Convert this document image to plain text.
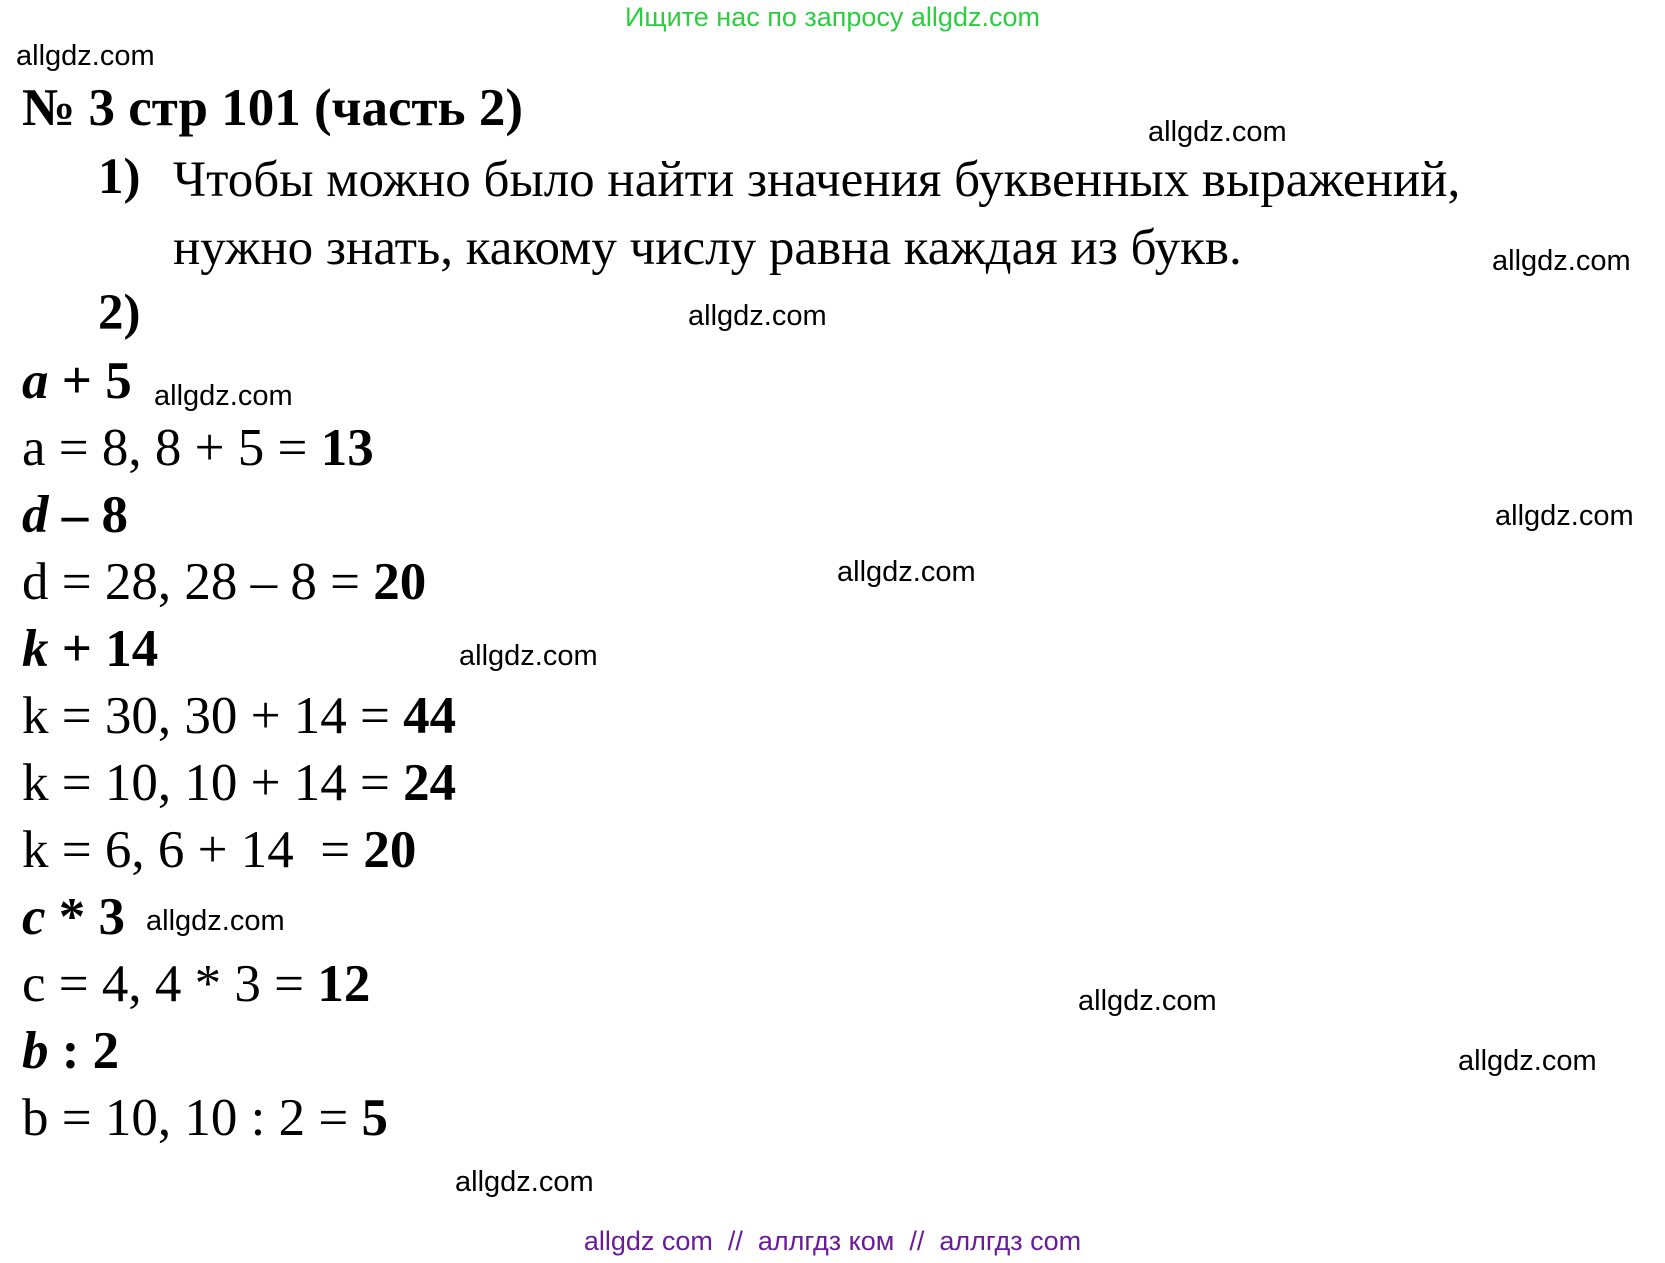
Ищите нас по запросу allgdz.com
allgdz.com
allgdz.com
allgdz.com
allgdz.com
allgdz.com
allgdz.com
allgdz.com
allgdz.com
allgdz.com
allgdz.com
allgdz.com
allgdz.com
№ 3 стр 101 (часть 2)
1) Чтобы можно было найти значения буквенных выражений,
нужно знать, какому числу равна каждая из букв.
2)
a + 5
a = 8, 8 + 5 = 13
d – 8
d = 28, 28 – 8 = 20
k + 14
k = 30, 30 + 14 = 44
k = 10, 10 + 14 = 24
k = 6, 6 + 14  = 20
c * 3
c = 4, 4 * 3 = 12
b : 2
b = 10, 10 : 2 = 5
allgdz com  //  аллгдз ком  //  аллгдз com
